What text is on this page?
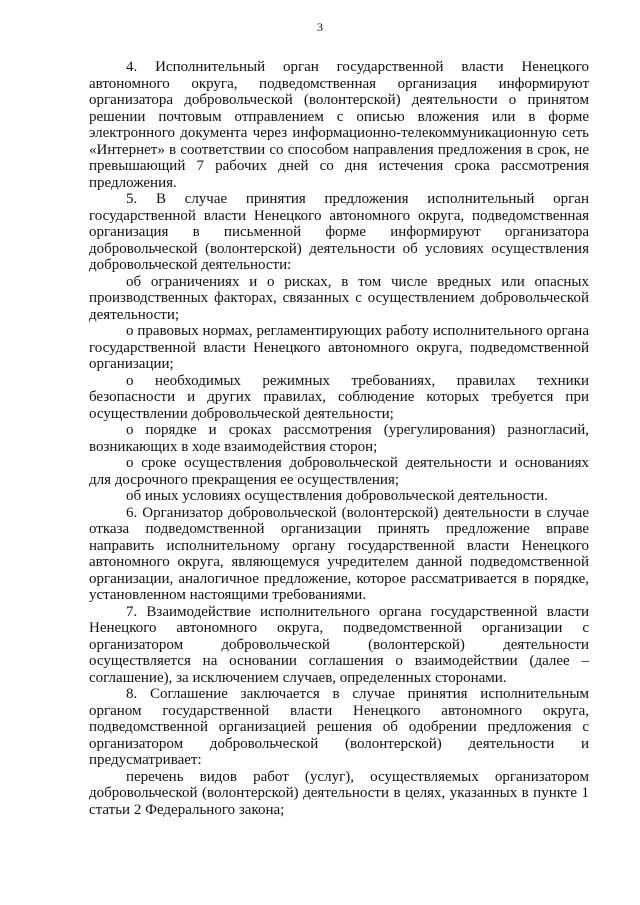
3

4. Исполнительный орган государственной власти Ненецкого автономного округа, подведомственная организация информируют организатора добровольческой (волонтерской) деятельности о принятом решении почтовым отправлением с описью вложения или в форме электронного документа через информационно-телекоммуникационную сеть «Интернет» в соответствии со способом направления предложения в срок, не превышающий 7 рабочих дней со дня истечения срока рассмотрения предложения.

5. В случае принятия предложения исполнительный орган государственной власти Ненецкого автономного округа, подведомственная организация в письменной форме информируют организатора добровольческой (волонтерской) деятельности об условиях осуществления добровольческой деятельности:

об ограничениях и о рисках, в том числе вредных или опасных производственных факторах, связанных с осуществлением добровольческой деятельности;

о правовых нормах, регламентирующих работу исполнительного органа государственной власти Ненецкого автономного округа, подведомственной организации;

о необходимых режимных требованиях, правилах техники безопасности и других правилах, соблюдение которых требуется при осуществлении добровольческой деятельности;

о порядке и сроках рассмотрения (урегулирования) разногласий, возникающих в ходе взаимодействия сторон;

о сроке осуществления добровольческой деятельности и основаниях для досрочного прекращения ее осуществления;

об иных условиях осуществления добровольческой деятельности.

6. Организатор добровольческой (волонтерской) деятельности в случае отказа подведомственной организации принять предложение вправе направить исполнительному органу государственной власти Ненецкого автономного округа, являющемуся учредителем данной подведомственной организации, аналогичное предложение, которое рассматривается в порядке, установленном настоящими требованиями.

7. Взаимодействие исполнительного органа государственной власти Ненецкого автономного округа, подведомственной организации с организатором добровольческой (волонтерской) деятельности осуществляется на основании соглашения о взаимодействии (далее – соглашение), за исключением случаев, определенных сторонами.

8. Соглашение заключается в случае принятия исполнительным органом государственной власти Ненецкого автономного округа, подведомственной организацией решения об одобрении предложения с организатором добровольческой (волонтерской) деятельности и предусматривает:

перечень видов работ (услуг), осуществляемых организатором добровольческой (волонтерской) деятельности в целях, указанных в пункте 1 статьи 2 Федерального закона;
